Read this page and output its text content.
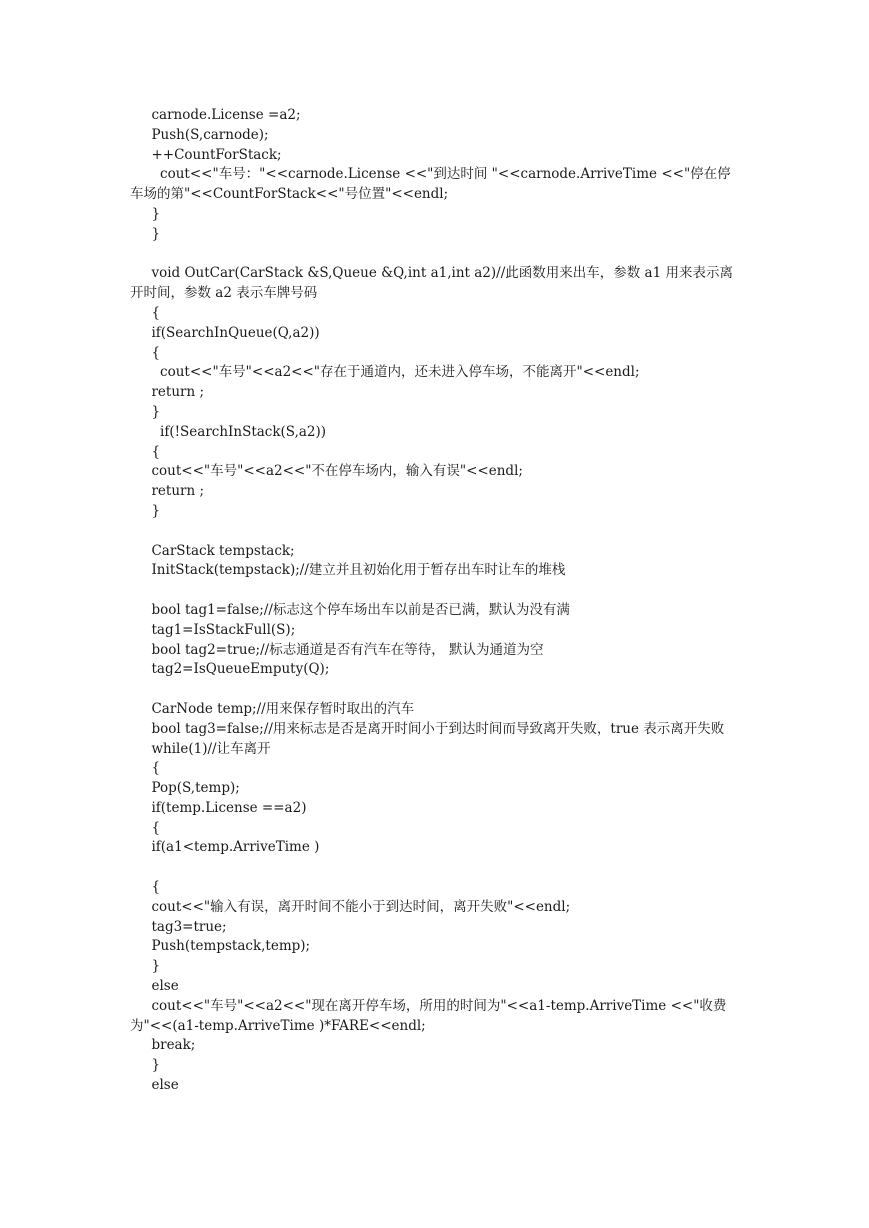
carnode.License =a2;
Push(S,carnode);
++CountForStack;
cout<<"车号："<<carnode.License <<"到达时间 "<<carnode.ArriveTime <<"停在停车场的第"<<CountForStack<<"号位置"<<endl;
}
}
void OutCar(CarStack &S,Queue &Q,int a1,int a2)//此函数用来出车，参数 a1 用来表示离开时间，参数 a2 表示车牌号码
{
if(SearchInQueue(Q,a2))
{
cout<<"车号"<<a2<<"存在于通道内，还未进入停车场，不能离开"<<endl;
return ;
}
if(!SearchInStack(S,a2))
{
cout<<"车号"<<a2<<"不在停车场内，输入有误"<<endl;
return ;
}
CarStack tempstack;
InitStack(tempstack);//建立并且初始化用于暂存出车时让车的堆栈
bool tag1=false;//标志这个停车场出车以前是否已满，默认为没有满
tag1=IsStackFull(S);
bool tag2=true;//标志通道是否有汽车在等待， 默认为通道为空
tag2=IsQueueEmputy(Q);
CarNode temp;//用来保存暂时取出的汽车
bool tag3=false;//用来标志是否是离开时间小于到达时间而导致离开失败，true 表示离开失败
while(1)//让车离开
{
Pop(S,temp);
if(temp.License ==a2)
{
if(a1<temp.ArriveTime )
{
cout<<"输入有误，离开时间不能小于到达时间，离开失败"<<endl;
tag3=true;
Push(tempstack,temp);
}
else
cout<<"车号"<<a2<<"现在离开停车场，所用的时间为"<<a1-temp.ArriveTime <<"收费为"<<(a1-temp.ArriveTime )*FARE<<endl;
break;
}
else
